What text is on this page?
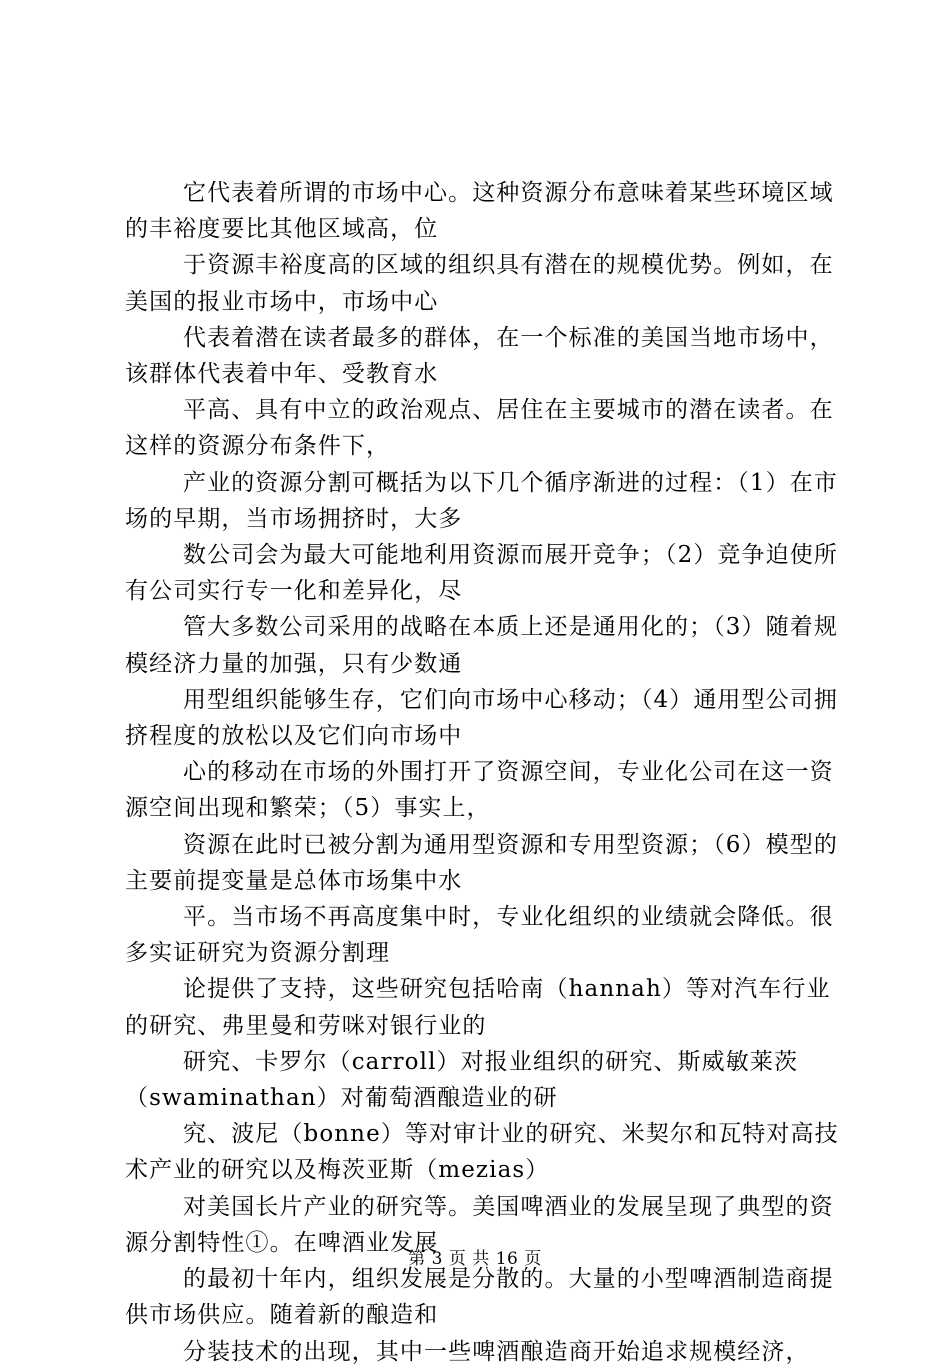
它代表着所谓的市场中心。这种资源分布意味着某些环境区域的丰裕度要比其他区域高，位

于资源丰裕度高的区域的组织具有潜在的规模优势。例如，在美国的报业市场中，市场中心

代表着潜在读者最多的群体，在一个标准的美国当地市场中，该群体代表着中年、受教育水

平高、具有中立的政治观点、居住在主要城市的潜在读者。在这样的资源分布条件下，

产业的资源分割可概括为以下几个循序渐进的过程：（1）在市场的早期，当市场拥挤时，大多

数公司会为最大可能地利用资源而展开竞争；（2）竞争迫使所有公司实行专一化和差异化，尽

管大多数公司采用的战略在本质上还是通用化的；（3）随着规模经济力量的加强，只有少数通

用型组织能够生存，它们向市场中心移动；（4）通用型公司拥挤程度的放松以及它们向市场中

心的移动在市场的外围打开了资源空间，专业化公司在这一资源空间出现和繁荣；（5）事实上，

资源在此时已被分割为通用型资源和专用型资源；（6）模型的主要前提变量是总体市场集中水

平。当市场不再高度集中时，专业化组织的业绩就会降低。很多实证研究为资源分割理

论提供了支持，这些研究包括哈南（hannah）等对汽车行业的研究、弗里曼和劳咪对银行业的

研究、卡罗尔（carroll）对报业组织的研究、斯威敏莱茨（swaminathan）对葡萄酒酿造业的研

究、波尼（bonne）等对审计业的研究、米契尔和瓦特对高技术产业的研究以及梅茨亚斯（mezias）

对美国长片产业的研究等。美国啤酒业的发展呈现了典型的资源分割特性①。在啤酒业发展

的最初十年内，组织发展是分散的。大量的小型啤酒制造商提供市场供应。随着新的酿造和

分装技术的出现，其中一些啤酒酿造商开始追求规模经济，

第 3 页 共 16 页
